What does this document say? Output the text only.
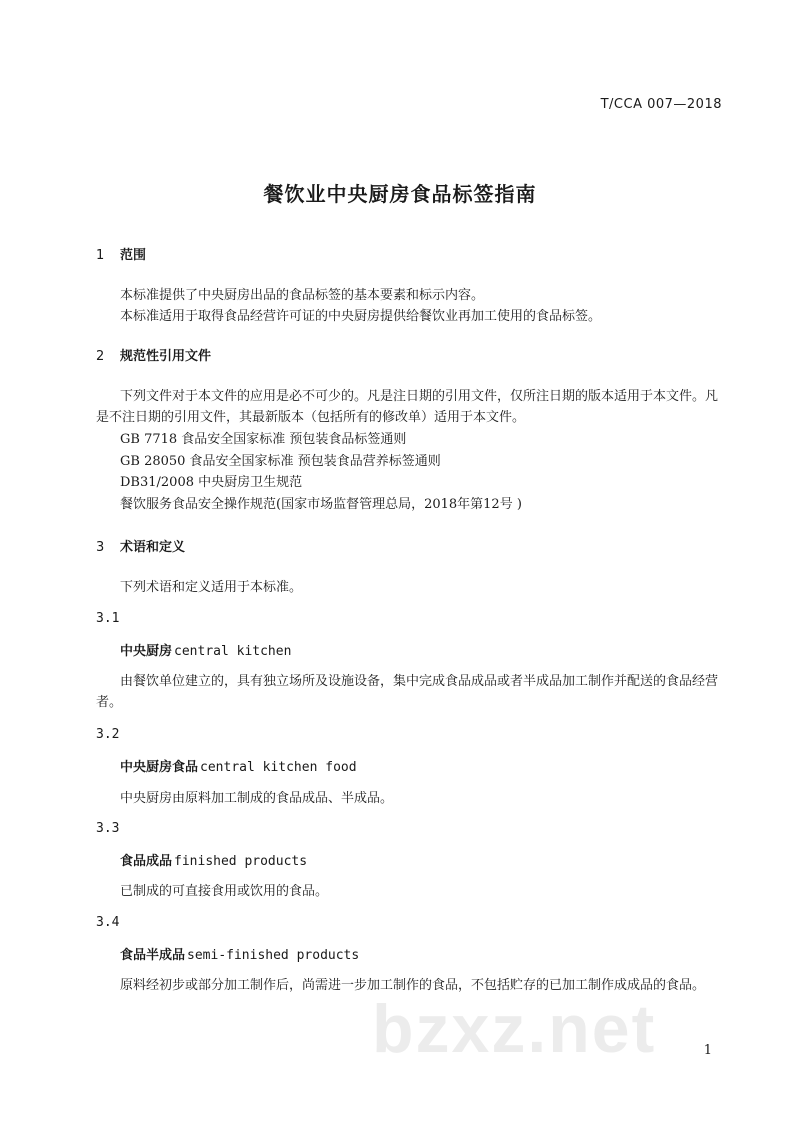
T/CCA 007—2018
餐饮业中央厨房食品标签指南
1 范围
本标准提供了中央厨房出品的食品标签的基本要素和标示内容。
本标准适用于取得食品经营许可证的中央厨房提供给餐饮业再加工使用的食品标签。
2 规范性引用文件
下列文件对于本文件的应用是必不可少的。凡是注日期的引用文件，仅所注日期的版本适用于本文件。凡是不注日期的引用文件，其最新版本（包括所有的修改单）适用于本文件。
GB 7718 食品安全国家标准 预包装食品标签通则
GB 28050 食品安全国家标准 预包装食品营养标签通则
DB31/2008 中央厨房卫生规范
餐饮服务食品安全操作规范(国家市场监督管理总局，2018年第12号 )
3 术语和定义
下列术语和定义适用于本标准。
3.1
中央厨房 central kitchen
由餐饮单位建立的，具有独立场所及设施设备，集中完成食品成品或者半成品加工制作并配送的食品经营者。
3.2
中央厨房食品 central kitchen food
中央厨房由原料加工制成的食品成品、半成品。
3.3
食品成品 finished products
已制成的可直接食用或饮用的食品。
3.4
食品半成品 semi-finished products
原料经初步或部分加工制作后，尚需进一步加工制作的食品，不包括贮存的已加工制作成成品的食品。
bzxz.net	1
